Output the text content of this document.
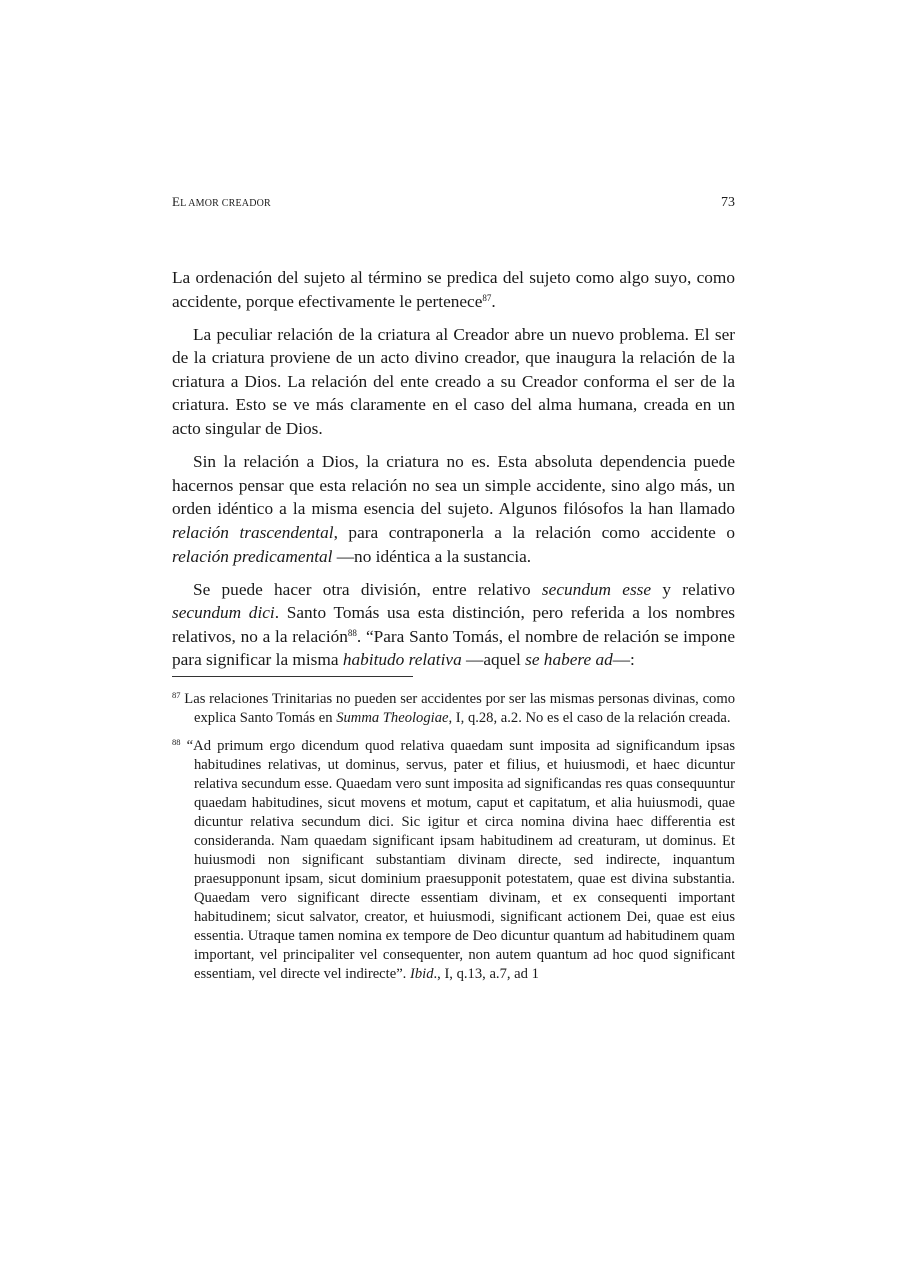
EL AMOR CREADOR	73

La ordenación del sujeto al término se predica del sujeto como algo suyo, como accidente, porque efectivamente le pertenece$^{87}$.

La peculiar relación de la criatura al Creador abre un nuevo problema. El ser de la criatura proviene de un acto divino creador, que inaugura la relación de la criatura a Dios. La relación del ente creado a su Creador conforma el ser de la criatura. Esto se ve más claramente en el caso del alma humana, creada en un acto singular de Dios.

Sin la relación a Dios, la criatura no es. Esta absoluta dependencia puede hacernos pensar que esta relación no sea un simple accidente, sino algo más, un orden idéntico a la misma esencia del sujeto. Algunos filósofos la han llamado relación trascendental, para contraponerla a la relación como accidente o relación predicamental —no idéntica a la sustancia.

Se puede hacer otra división, entre relativo secundum esse y relativo secundum dici. Santo Tomás usa esta distinción, pero referida a los nombres relativos, no a la relación$^{88}$. “Para Santo Tomás, el nombre de relación se impone para significar la misma habitudo relativa —aquel se habere ad—:

$^{87}$ Las relaciones Trinitarias no pueden ser accidentes por ser las mismas personas divinas, como explica Santo Tomás en Summa Theologiae, I, q.28, a.2. No es el caso de la relación creada.
$^{88}$ “Ad primum ergo dicendum quod relativa quaedam sunt imposita ad significandum ipsas habitudines relativas, ut dominus, servus, pater et filius, et huiusmodi, et haec dicuntur relativa secundum esse. Quaedam vero sunt imposita ad significandas res quas consequuntur quaedam habitudines, sicut movens et motum, caput et capitatum, et alia huiusmodi, quae dicuntur relativa secundum dici. Sic igitur et circa nomina divina haec differentia est consideranda. Nam quaedam significant ipsam habitudinem ad creaturam, ut dominus. Et huiusmodi non significant substantiam divinam directe, sed indirecte, inquantum praesupponunt ipsam, sicut dominium praesupponit potestatem, quae est divina substantia. Quaedam vero significant directe essentiam divinam, et ex consequenti important habitudinem; sicut salvator, creator, et huiusmodi, significant actionem Dei, quae est eius essentia. Utraque tamen nomina ex tempore de Deo dicuntur quantum ad habitudinem quam important, vel principaliter vel consequenter, non autem quantum ad hoc quod significant essentiam, vel directe vel indirecte”. Ibid., I, q.13, a.7, ad 1
